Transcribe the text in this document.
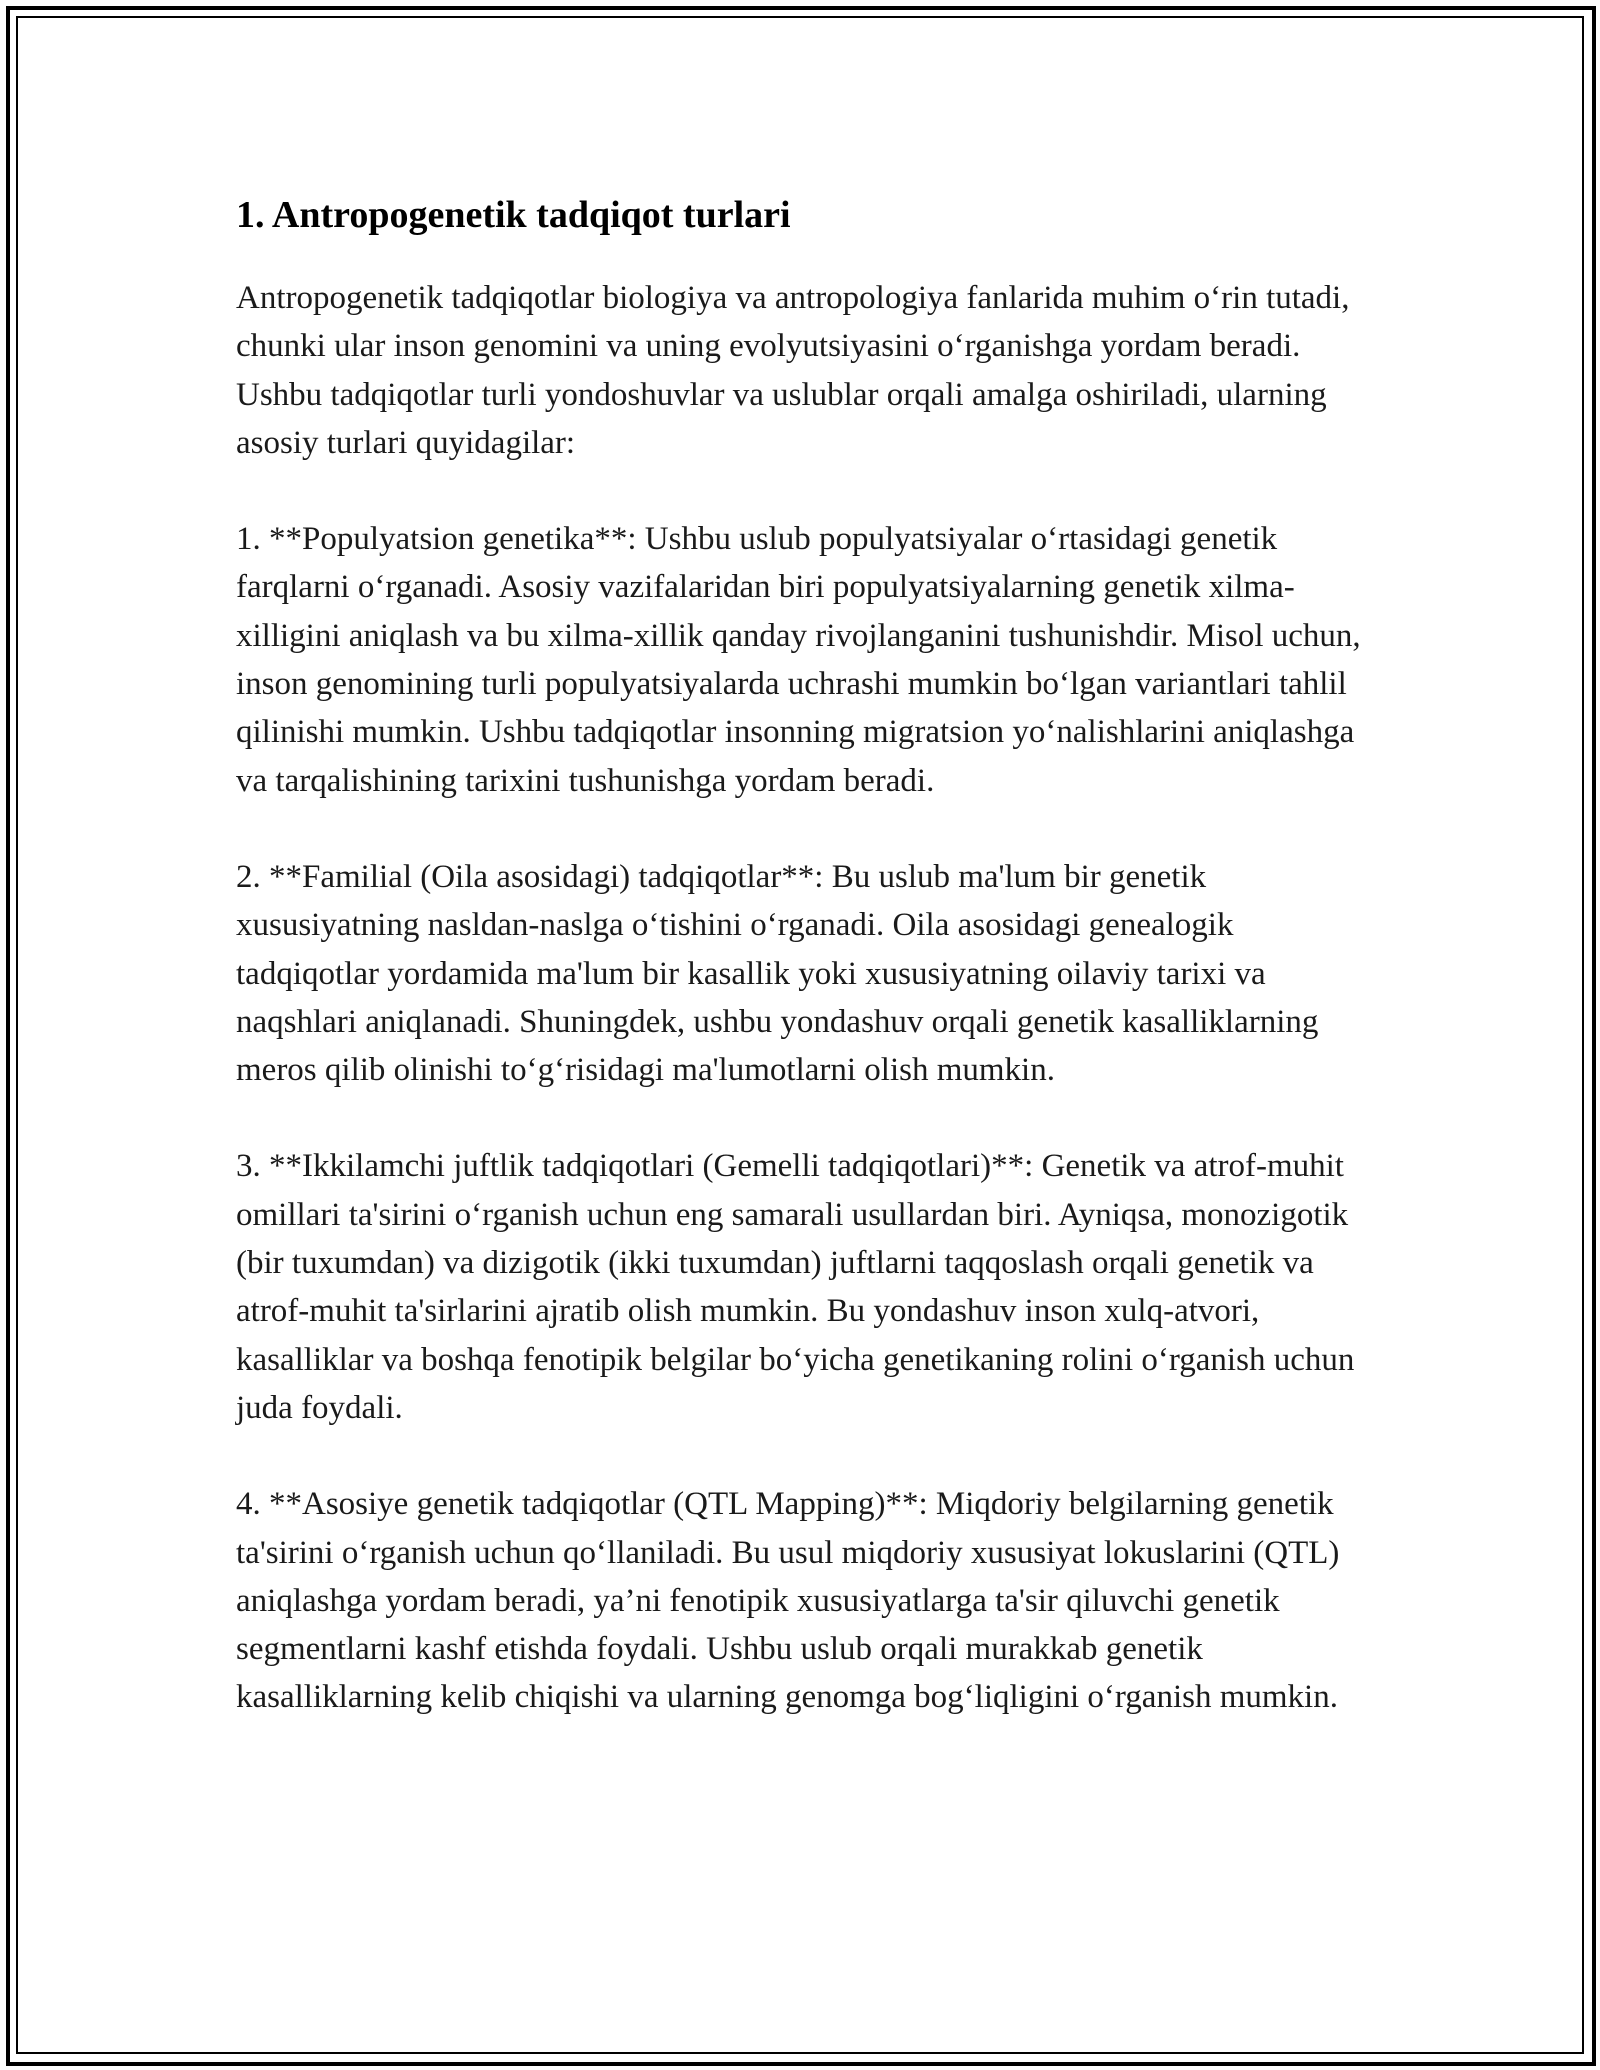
1. Antropogenetik tadqiqot turlari

Antropogenetik tadqiqotlar biologiya va antropologiya fanlarida muhim o‘rin tutadi, chunki ular inson genomini va uning evolyutsiyasini o‘rganishga yordam beradi. Ushbu tadqiqotlar turli yondoshuvlar va uslublar orqali amalga oshiriladi, ularning asosiy turlari quyidagilar:

1. **Populyatsion genetika**: Ushbu uslub populyatsiyalar o‘rtasidagi genetik farqlarni o‘rganadi. Asosiy vazifalaridan biri populyatsiyalarning genetik xilma-xilligini aniqlash va bu xilma-xillik qanday rivojlanganini tushunishdir. Misol uchun, inson genomining turli populyatsiyalarda uchrashi mumkin bo‘lgan variantlari tahlil qilinishi mumkin. Ushbu tadqiqotlar insonning migratsion yo‘nalishlarini aniqlashga va tarqalishining tarixini tushunishga yordam beradi.

2. **Familial (Oila asosidagi) tadqiqotlar**: Bu uslub ma'lum bir genetik xususiyatning nasldan-naslga o‘tishini o‘rganadi. Oila asosidagi genealogik tadqiqotlar yordamida ma'lum bir kasallik yoki xususiyatning oilaviy tarixi va naqshlari aniqlanadi. Shuningdek, ushbu yondashuv orqali genetik kasalliklarning meros qilib olinishi to‘g‘risidagi ma'lumotlarni olish mumkin.

3. **Ikkilamchi juftlik tadqiqotlari (Gemelli tadqiqotlari)**: Genetik va atrof-muhit omillari ta'sirini o‘rganish uchun eng samarali usullardan biri. Ayniqsa, monozigotik (bir tuxumdan) va dizigotik (ikki tuxumdan) juftlarni taqqoslash orqali genetik va atrof-muhit ta'sirlarini ajratib olish mumkin. Bu yondashuv inson xulq-atvori, kasalliklar va boshqa fenotipik belgilar bo‘yicha genetikaning rolini o‘rganish uchun juda foydali.

4. **Asosiye genetik tadqiqotlar (QTL Mapping)**: Miqdoriy belgilarning genetik ta'sirini o‘rganish uchun qo‘llaniladi. Bu usul miqdoriy xususiyat lokuslarini (QTL) aniqlashga yordam beradi, ya’ni fenotipik xususiyatlarga ta'sir qiluvchi genetik segmentlarni kashf etishda foydali. Ushbu uslub orqali murakkab genetik kasalliklarning kelib chiqishi va ularning genomga bog‘liqligini o‘rganish mumkin.
